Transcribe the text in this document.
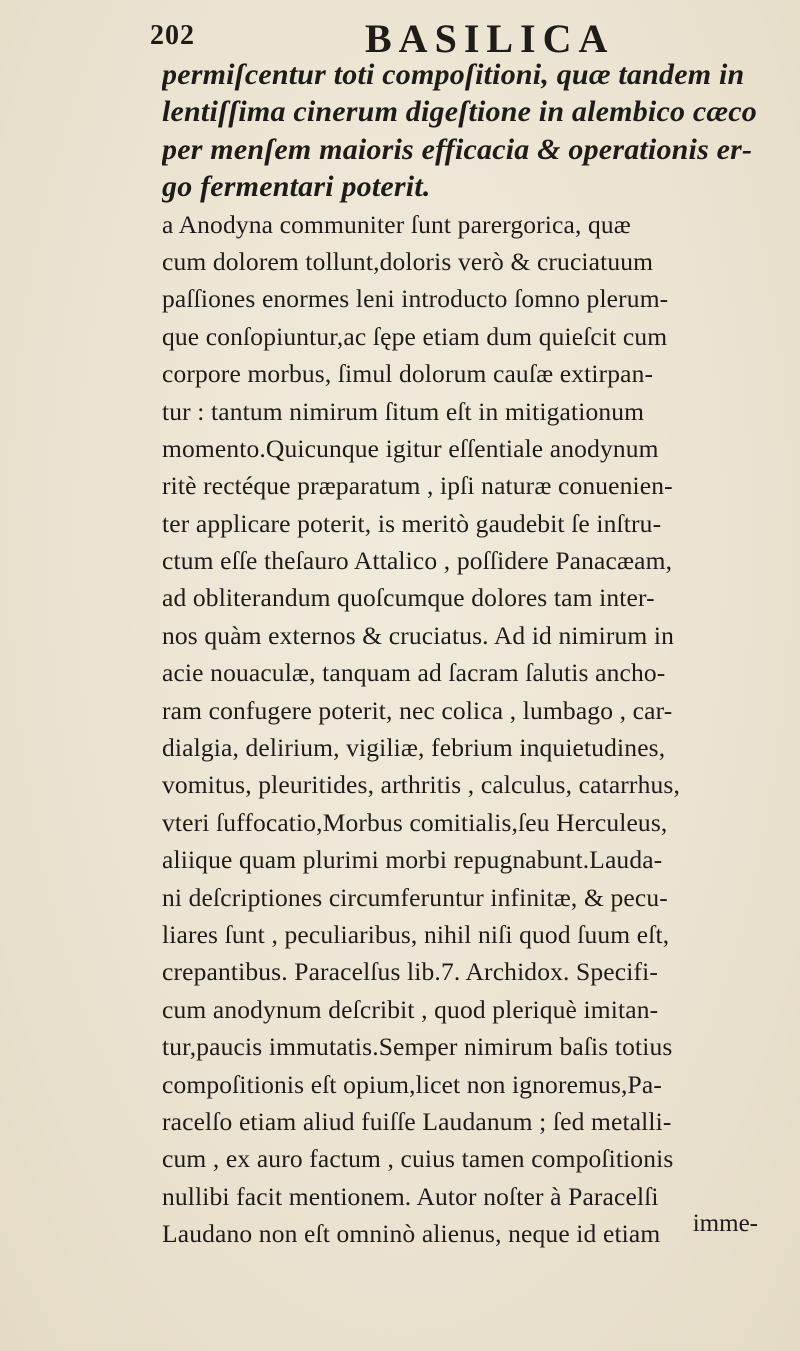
202	BASILICA
permiſcentur toti compoſitioni, quæ tandem in
lentiſſima cinerum digeſtione in alembico cæco
per menſem maioris efficacia & operationis er-
go fermentari poterit.
a Anodyna communiter ſunt parergorica, quæ
cum dolorem tollunt,doloris verò & cruciatuum
paſſiones enormes leni introducto ſomno plerum-
que conſopiuntur,ac ſępe etiam dum quieſcit cum
corpore morbus, ſimul dolorum cauſæ extirpan-
tur : tantum nimirum ſitum eſt in mitigationum
momento.Quicunque igitur eſſentiale anodynum
ritè rectéque præparatum , ipſi naturæ conuenien-
ter applicare poterit, is meritò gaudebit ſe inſtru-
ctum eſſe theſauro Attalico , poſſidere Panacæam,
ad obliterandum quoſcumque dolores tam inter-
nos quàm externos & cruciatus. Ad id nimirum in
acie nouaculæ, tanquam ad ſacram ſalutis ancho-
ram confugere poterit, nec colica , lumbago , car-
dialgia, delirium, vigiliæ, febrium inquietudines,
vomitus, pleuritides, arthritis , calculus, catarrhus,
vteri ſuffocatio,Morbus comitialis,ſeu Herculeus,
aliique quam plurimi morbi repugnabunt.Lauda-
ni deſcriptiones circumferuntur infinitæ, & pecu-
liares ſunt , peculiaribus, nihil niſi quod ſuum eſt,
crepantibus. Paracelſus lib.7. Archidox. Specifi-
cum anodynum deſcribit , quod pleriquè imitan-
tur,paucis immutatis.Semper nimirum baſis totius
compoſitionis eſt opium,licet non ignoremus,Pa-
racelſo etiam aliud fuiſſe Laudanum ; ſed metalli-
cum , ex auro factum , cuius tamen compoſitionis
nullibi facit mentionem. Autor noſter à Paracelſi
Laudano non eſt omninò alienus, neque id etiam	imme-
